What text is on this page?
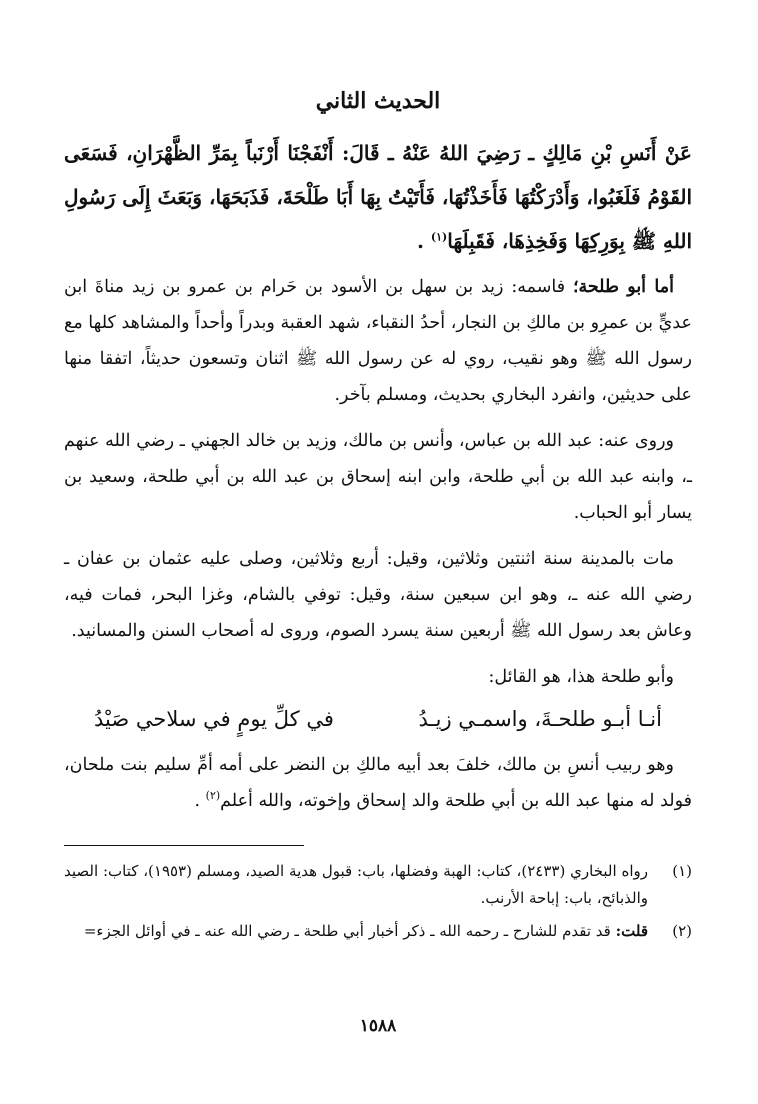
الحديث الثاني

عَنْ أَنَسِ بْنِ مَالِكٍ ـ رَضِيَ اللهُ عَنْهُ ـ قَالَ: أَنْفَجْنَا أَرْنَباً بِمَرِّ الظَّهْرَانِ، فَسَعَى القَوْمُ فَلَغَبُوا، وَأَدْرَكْتُهَا فَأَخَذْتُهَا، فَأَتَيْتُ بِهَا أَبَا طَلْحَةَ، فَذَبَحَهَا، وَبَعَثَ إِلَى رَسُولِ اللهِ ﷺ بِوَرِكِهَا وَفَخِذِهَا، فَقَبِلَهَا$^{(١)}$ .

أما أبو طلحة؛ فاسمه: زيد بن سهل بن الأسود بن حَرام بن عمرو بن زيد مناةَ ابن عديٍّ بن عمرِو بن مالكِ بن النجار، أحدُ النقباء، شهد العقبة وبدراً وأحداً والمشاهد كلها مع رسول الله ﷺ وهو نقيب، روي له عن رسول الله ﷺ اثنان وتسعون حديثاً، اتفقا منها على حديثين، وانفرد البخاري بحديث، ومسلم بآخر.

وروى عنه: عبد الله بن عباس، وأنس بن مالك، وزيد بن خالد الجهني ـ رضي الله عنهم ـ، وابنه عبد الله بن أبي طلحة، وابن ابنه إسحاق بن عبد الله بن أبي طلحة، وسعيد بن يسار أبو الحباب.

مات بالمدينة سنة اثنتين وثلاثين، وقيل: أربع وثلاثين، وصلى عليه عثمان بن عفان ـ رضي الله عنه ـ، وهو ابن سبعين سنة، وقيل: توفي بالشام، وغزا البحر، فمات فيه، وعاش بعد رسول الله ﷺ أربعين سنة يسرد الصوم، وروى له أصحاب السنن والمسانيد.

وأبو طلحة هذا، هو القائل:

أنـا أبـو طلحـةَ، واسمـي زيـدُ
في كلِّ يومٍ في سلاحي صَيْدُ

وهو ربيب أنسِ بن مالك، خلفَ بعد أبيه مالكِ بن النضر على أمه أمِّ سليم بنت ملحان، فولد له منها عبد الله بن أبي طلحة والد إسحاق وإخوته، والله أعلم$^{(٢)}$ .

(١)
رواه البخاري (٢٤٣٣)، كتاب: الهبة وفضلها، باب: قبول هدية الصيد، ومسلم (١٩٥٣)، كتاب: الصيد والذبائح، باب: إباحة الأرنب.
(٢)
قلت: قد تقدم للشارح ـ رحمه الله ـ ذكر أخبار أبي طلحة ـ رضي الله عنه ـ في أوائل الجزء=
١٥٨٨
